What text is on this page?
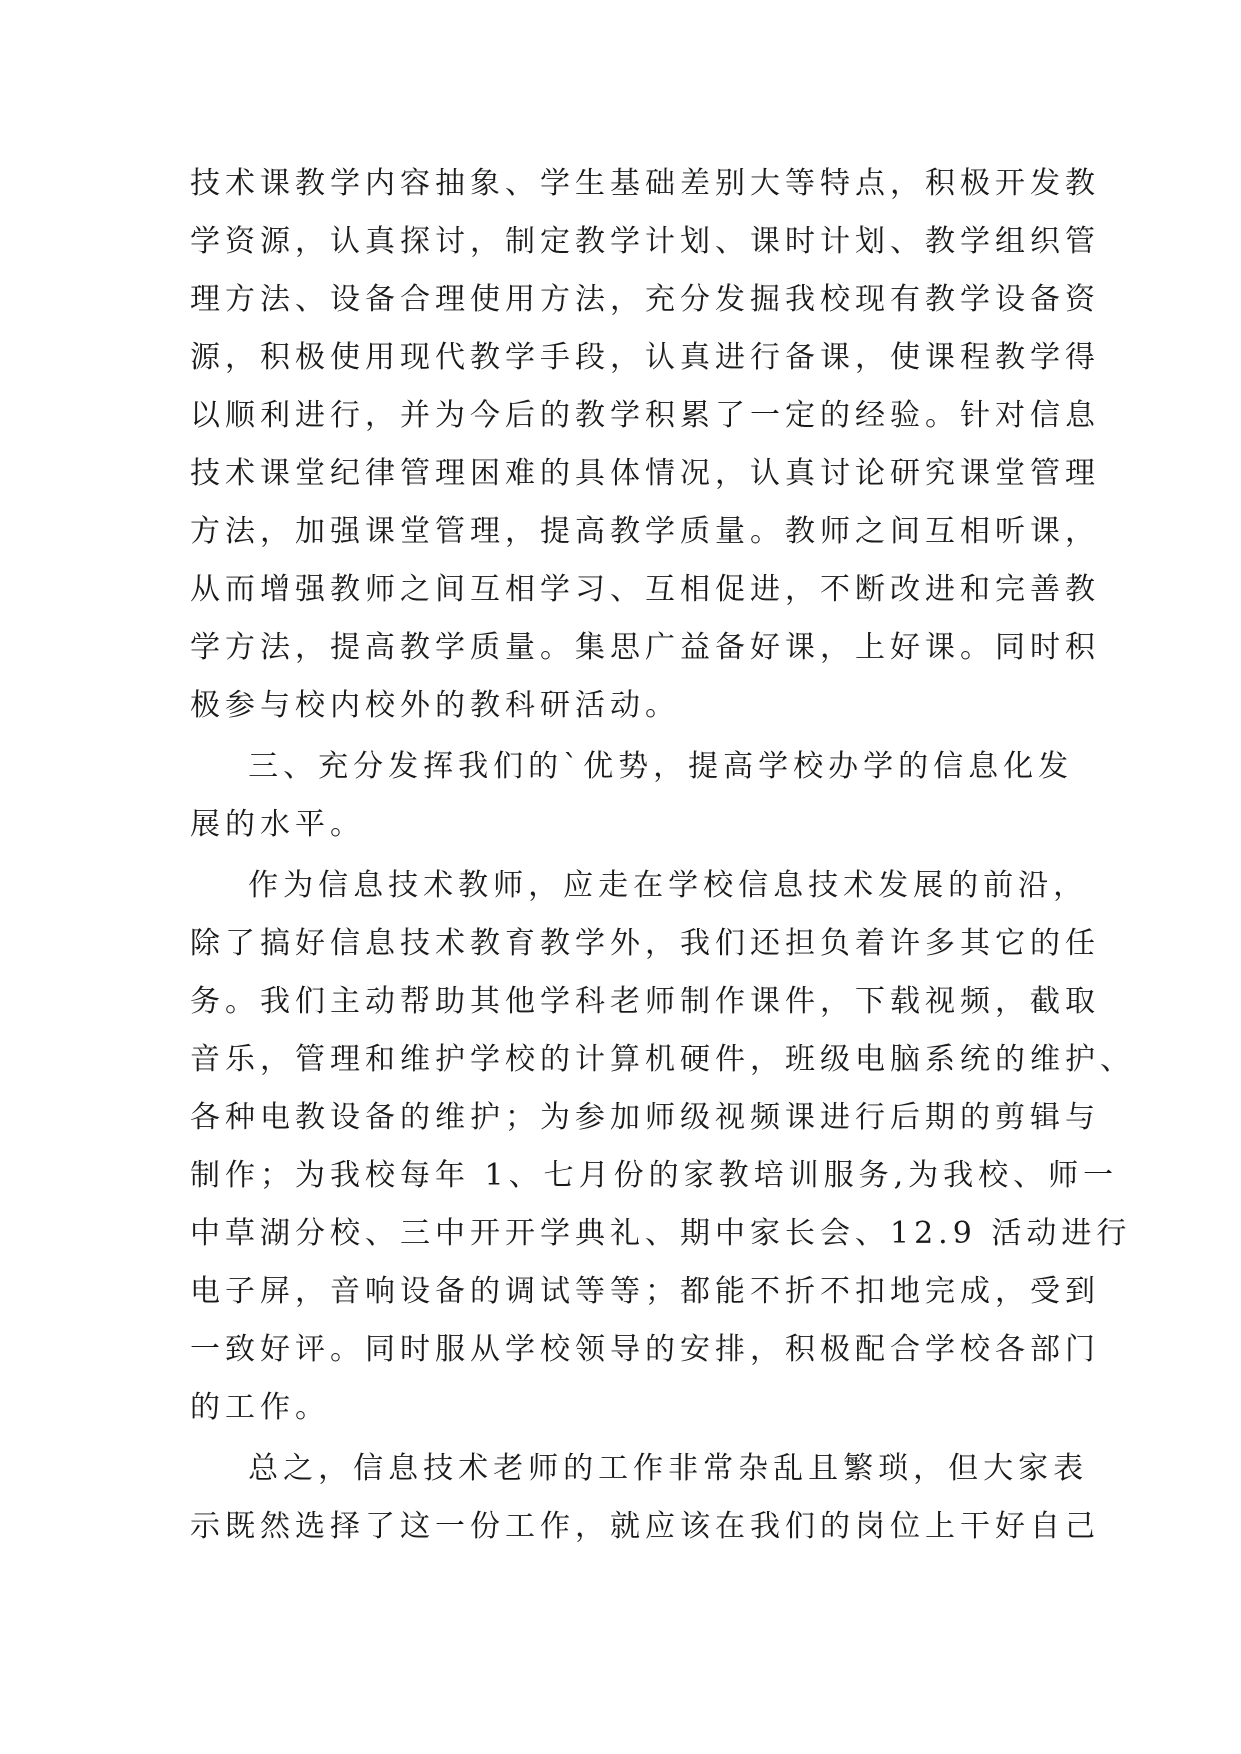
技术课教学内容抽象、学生基础差别大等特点，积极开发教
学资源，认真探讨，制定教学计划、课时计划、教学组织管
理方法、设备合理使用方法，充分发掘我校现有教学设备资
源，积极使用现代教学手段，认真进行备课，使课程教学得
以顺利进行，并为今后的教学积累了一定的经验。针对信息
技术课堂纪律管理困难的具体情况，认真讨论研究课堂管理
方法，加强课堂管理，提高教学质量。教师之间互相听课，
从而增强教师之间互相学习、互相促进，不断改进和完善教
学方法，提高教学质量。集思广益备好课，上好课。同时积
极参与校内校外的教科研活动。
三、充分发挥我们的`优势，提高学校办学的信息化发
展的水平。
作为信息技术教师，应走在学校信息技术发展的前沿，
除了搞好信息技术教育教学外，我们还担负着许多其它的任
务。我们主动帮助其他学科老师制作课件，下载视频，截取
音乐，管理和维护学校的计算机硬件，班级电脑系统的维护、
各种电教设备的维护；为参加师级视频课进行后期的剪辑与
制作；为我校每年 1、七月份的家教培训服务,为我校、师一
中草湖分校、三中开开学典礼、期中家长会、12.9 活动进行
电子屏，音响设备的调试等等；都能不折不扣地完成，受到
一致好评。同时服从学校领导的安排，积极配合学校各部门
的工作。
总之，信息技术老师的工作非常杂乱且繁琐，但大家表
示既然选择了这一份工作，就应该在我们的岗位上干好自己
